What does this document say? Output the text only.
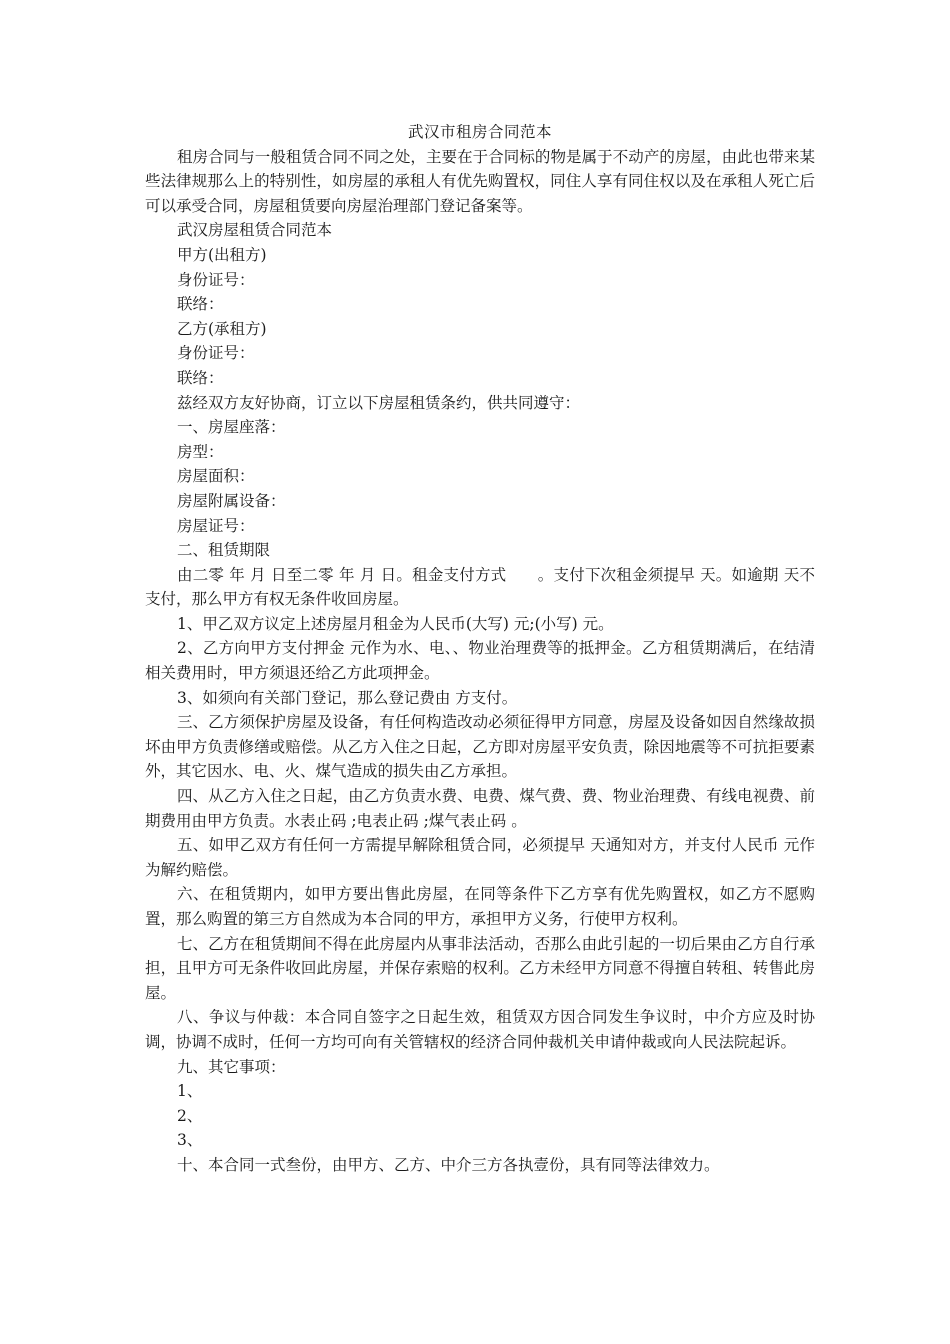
武汉市租房合同范本

租房合同与一般租赁合同不同之处，主要在于合同标的物是属于不动产的房屋，由此也带来某些法律规那么上的特别性，如房屋的承租人有优先购置权，同住人享有同住权以及在承租人死亡后可以承受合同，房屋租赁要向房屋治理部门登记备案等。

武汉房屋租赁合同范本

甲方(出租方)

身份证号：

联络：

乙方(承租方)

身份证号：

联络：

兹经双方友好协商，订立以下房屋租赁条约，供共同遵守：

一、房屋座落：

房型：

房屋面积：

房屋附属设备：

房屋证号：

二、租赁期限

由二零 年 月 日至二零 年 月 日。租金支付方式　　。支付下次租金须提早 天。如逾期 天不支付，那么甲方有权无条件收回房屋。

1、甲乙双方议定上述房屋月租金为人民币(大写) 元;(小写) 元。

2、乙方向甲方支付押金 元作为水、电、、物业治理费等的抵押金。乙方租赁期满后，在结清相关费用时，甲方须退还给乙方此项押金。

3、如须向有关部门登记，那么登记费由 方支付。

三、乙方须保护房屋及设备，有任何构造改动必须征得甲方同意，房屋及设备如因自然缘故损坏由甲方负责修缮或赔偿。从乙方入住之日起，乙方即对房屋平安负责，除因地震等不可抗拒要素外，其它因水、电、火、煤气造成的损失由乙方承担。

四、从乙方入住之日起，由乙方负责水费、电费、煤气费、费、物业治理费、有线电视费、前期费用由甲方负责。水表止码 ;电表止码 ;煤气表止码 。

五、如甲乙双方有任何一方需提早解除租赁合同，必须提早 天通知对方，并支付人民币 元作为解约赔偿。

六、在租赁期内，如甲方要出售此房屋，在同等条件下乙方享有优先购置权，如乙方不愿购置，那么购置的第三方自然成为本合同的甲方，承担甲方义务，行使甲方权利。

七、乙方在租赁期间不得在此房屋内从事非法活动，否那么由此引起的一切后果由乙方自行承担，且甲方可无条件收回此房屋，并保存索赔的权利。乙方未经甲方同意不得擅自转租、转售此房屋。

八、争议与仲裁：本合同自签字之日起生效，租赁双方因合同发生争议时，中介方应及时协调，协调不成时，任何一方均可向有关管辖权的经济合同仲裁机关申请仲裁或向人民法院起诉。

九、其它事项：

1、

2、

3、

十、本合同一式叁份，由甲方、乙方、中介三方各执壹份，具有同等法律效力。
